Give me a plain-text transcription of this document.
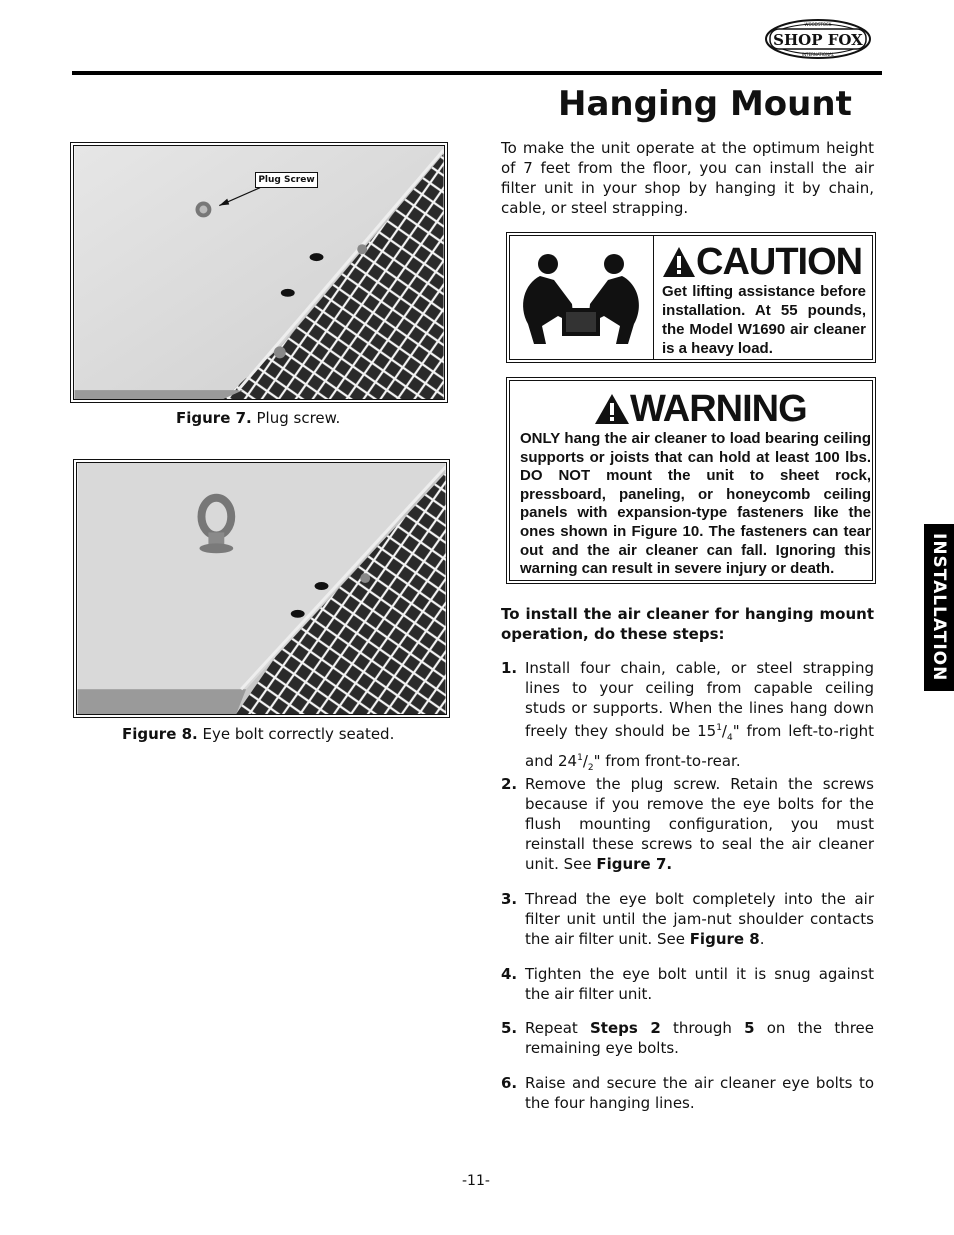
SHOP FOX
WOODSTOCK
INTERNATIONAL
Hanging Mount
Plug Screw
Figure 7. Plug screw.
Figure 8. Eye bolt correctly seated.
To make the unit operate at the optimum height of 7 feet from the floor, you can install the air filter unit in your shop by hanging it by chain, cable, or steel strapping.
CAUTION
Get lifting assistance before installation. At 55 pounds, the Model W1690 air cleaner is a heavy load.
WARNING
ONLY hang the air cleaner to load bearing ceiling supports or joists that can hold at least 100 lbs. DO NOT mount the unit to sheet rock, pressboard, paneling, or honeycomb ceiling panels with expansion-type fasteners like the ones shown in Figure 10. The fasteners can tear out and the air cleaner can fall. Ignoring this warning can result in severe injury or death.
To install the air cleaner for hanging mount operation, do these steps:
1. Install four chain, cable, or steel strapping lines to your ceiling from capable ceiling studs or supports. When the lines hang down freely they should be $15^1/_4$" from left-to-right and $24^1/_2$" from front-to-rear.
2. Remove the plug screw. Retain the screws because if you remove the eye bolts for the flush mounting configuration, you must reinstall these screws to seal the air cleaner unit. See Figure 7.
3. Thread the eye bolt completely into the air filter unit until the jam-nut shoulder contacts the air filter unit. See Figure 8.
4. Tighten the eye bolt until it is snug against the air filter unit.
5. Repeat Steps 2 through 5 on the three remaining eye bolts.
6. Raise and secure the air cleaner eye bolts to the four hanging lines.
INSTALLATION
-11-
